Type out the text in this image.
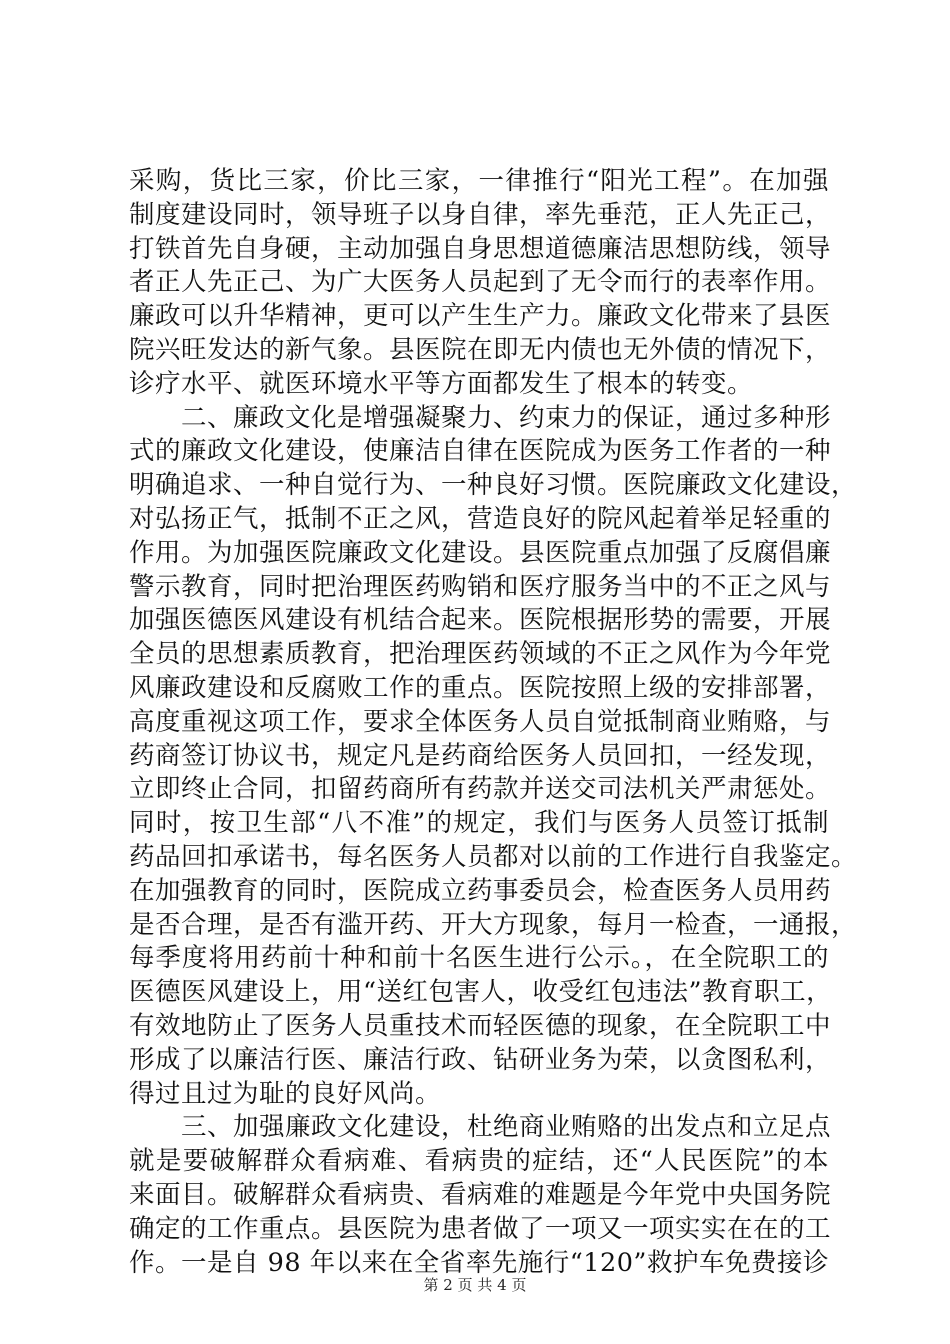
采购，货比三家，价比三家，一律推行“阳光工程”。在加强
制度建设同时，领导班子以身自律，率先垂范，正人先正己，
打铁首先自身硬，主动加强自身思想道德廉洁思想防线，领导
者正人先正己、为广大医务人员起到了无令而行的表率作用。
廉政可以升华精神，更可以产生生产力。廉政文化带来了县医
院兴旺发达的新气象。县医院在即无内债也无外债的情况下，
诊疗水平、就医环境水平等方面都发生了根本的转变。
　　二、廉政文化是增强凝聚力、约束力的保证，通过多种形
式的廉政文化建设，使廉洁自律在医院成为医务工作者的一种
明确追求、一种自觉行为、一种良好习惯。医院廉政文化建设，
对弘扬正气，抵制不正之风，营造良好的院风起着举足轻重的
作用。为加强医院廉政文化建设。县医院重点加强了反腐倡廉
警示教育，同时把治理医药购销和医疗服务当中的不正之风与
加强医德医风建设有机结合起来。医院根据形势的需要，开展
全员的思想素质教育，把治理医药领域的不正之风作为今年党
风廉政建设和反腐败工作的重点。医院按照上级的安排部署，
高度重视这项工作，要求全体医务人员自觉抵制商业贿赂，与
药商签订协议书，规定凡是药商给医务人员回扣，一经发现，
立即终止合同，扣留药商所有药款并送交司法机关严肃惩处。
同时，按卫生部“八不准”的规定，我们与医务人员签订抵制
药品回扣承诺书，每名医务人员都对以前的工作进行自我鉴定。
在加强教育的同时，医院成立药事委员会，检查医务人员用药
是否合理，是否有滥开药、开大方现象，每月一检查，一通报，
每季度将用药前十种和前十名医生进行公示。，在全院职工的
医德医风建设上，用“送红包害人，收受红包违法”教育职工，
有效地防止了医务人员重技术而轻医德的现象，在全院职工中
形成了以廉洁行医、廉洁行政、钻研业务为荣，以贪图私利，
得过且过为耻的良好风尚。
　　三、加强廉政文化建设，杜绝商业贿赂的出发点和立足点
就是要破解群众看病难、看病贵的症结，还“人民医院”的本
来面目。破解群众看病贵、看病难的难题是今年党中央国务院
确定的工作重点。县医院为患者做了一项又一项实实在在的工
作。一是自 98 年以来在全省率先施行“120”救护车免费接诊
第 2 页 共 4 页
